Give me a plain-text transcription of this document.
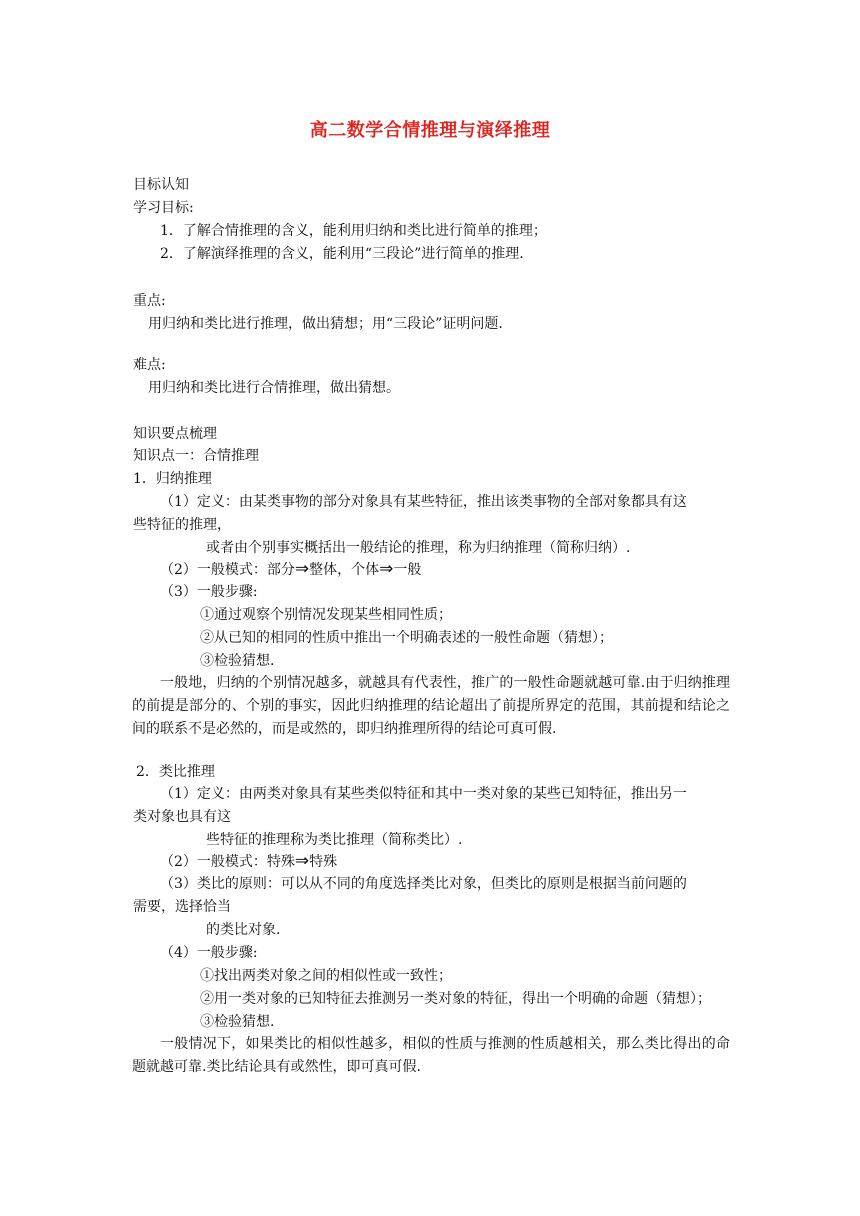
高二数学合情推理与演绎推理
目标认知
学习目标:
1．了解合情推理的含义，能利用归纳和类比进行简单的推理；
2．了解演绎推理的含义，能利用“三段论”进行简单的推理.
重点:
用归纳和类比进行推理，做出猜想；用“三段论”证明问题.
难点:
用归纳和类比进行合情推理，做出猜想。
知识要点梳理
知识点一：合情推理
1．归纳推理
（1）定义：由某类事物的部分对象具有某些特征，推出该类事物的全部对象都具有这
些特征的推理，
或者由个别事实概括出一般结论的推理，称为归纳推理（简称归纳）.
（2）一般模式：部分⇒整体，个体⇒一般
（3）一般步骤:
①通过观察个别情况发现某些相同性质；
②从已知的相同的性质中推出一个明确表述的一般性命题（猜想）；
③检验猜想.
一般地，归纳的个别情况越多，就越具有代表性，推广的一般性命题就越可靠.由于归纳推理的前提是部分的、个别的事实，因此归纳推理的结论超出了前提所界定的范围，其前提和结论之间的联系不是必然的，而是或然的，即归纳推理所得的结论可真可假.
2．类比推理
（1）定义：由两类对象具有某些类似特征和其中一类对象的某些已知特征，推出另一
类对象也具有这
些特征的推理称为类比推理（简称类比）.
（2）一般模式：特殊⇒特殊
（3）类比的原则：可以从不同的角度选择类比对象，但类比的原则是根据当前问题的
需要，选择恰当
的类比对象.
（4）一般步骤:
①找出两类对象之间的相似性或一致性；
②用一类对象的已知特征去推测另一类对象的特征，得出一个明确的命题（猜想）；
③检验猜想.
一般情况下，如果类比的相似性越多，相似的性质与推测的性质越相关，那么类比得出的命题就越可靠.类比结论具有或然性，即可真可假.
